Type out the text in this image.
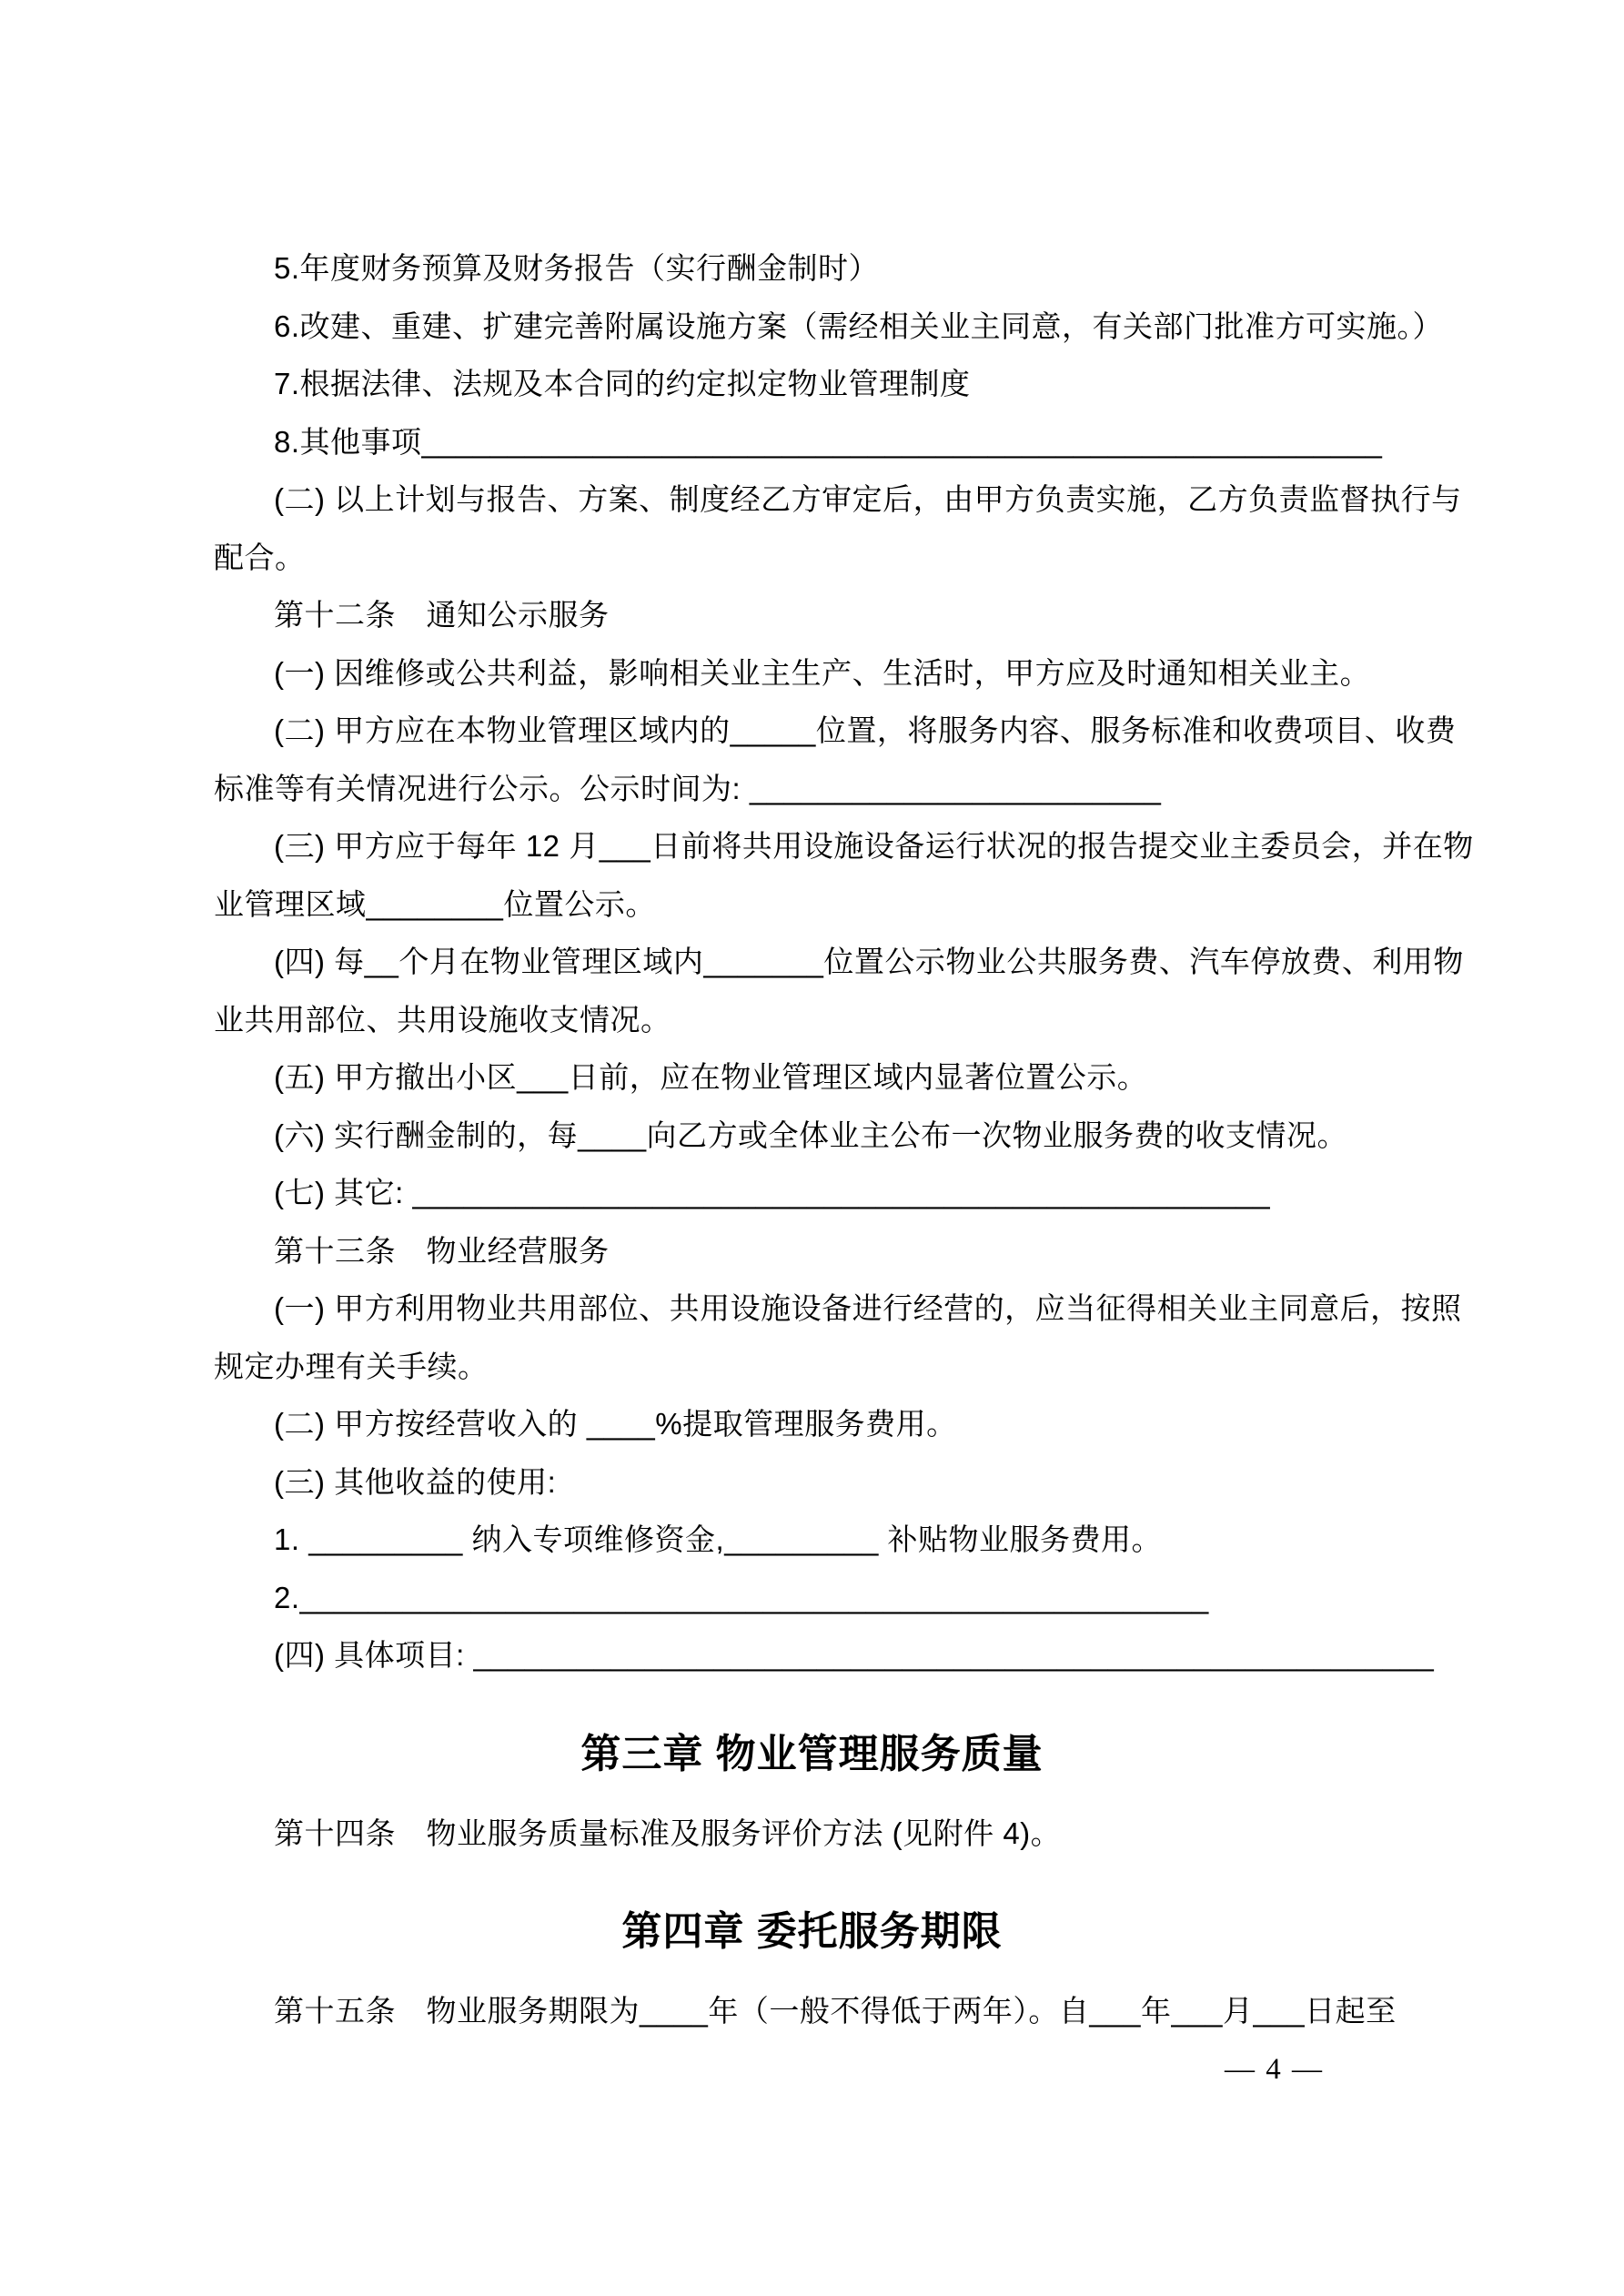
5.年度财务预算及财务报告（实行酬金制时）
6.改建、重建、扩建完善附属设施方案（需经相关业主同意，有关部门批准方可实施。）
7.根据法律、法规及本合同的约定拟定物业管理制度
8.其他事项________________________________________________________
(二) 以上计划与报告、方案、制度经乙方审定后，由甲方负责实施，乙方负责监督执行与
配合。
第十二条　通知公示服务
(一) 因维修或公共利益，影响相关业主生产、生活时，甲方应及时通知相关业主。
(二) 甲方应在本物业管理区域内的_____位置，将服务内容、服务标准和收费项目、收费
标准等有关情况进行公示。公示时间为: ________________________
(三) 甲方应于每年 12 月___日前将共用设施设备运行状况的报告提交业主委员会，并在物
业管理区域________位置公示。
(四) 每__个月在物业管理区域内_______位置公示物业公共服务费、汽车停放费、利用物
业共用部位、共用设施收支情况。
(五) 甲方撤出小区___日前，应在物业管理区域内显著位置公示。
(六) 实行酬金制的，每____向乙方或全体业主公布一次物业服务费的收支情况。
(七) 其它: __________________________________________________
第十三条　物业经营服务
(一) 甲方利用物业共用部位、共用设施设备进行经营的，应当征得相关业主同意后，按照
规定办理有关手续。
(二) 甲方按经营收入的 ____%提取管理服务费用。
(三) 其他收益的使用:
1. _________ 纳入专项维修资金,_________ 补贴物业服务费用。
2._____________________________________________________
(四) 具体项目: ________________________________________________________
第三章 物业管理服务质量
第十四条　物业服务质量标准及服务评价方法 (见附件 4)。
第四章 委托服务期限
第十五条　物业服务期限为____年（一般不得低于两年）。自___年___月___日起至
— 4 —
